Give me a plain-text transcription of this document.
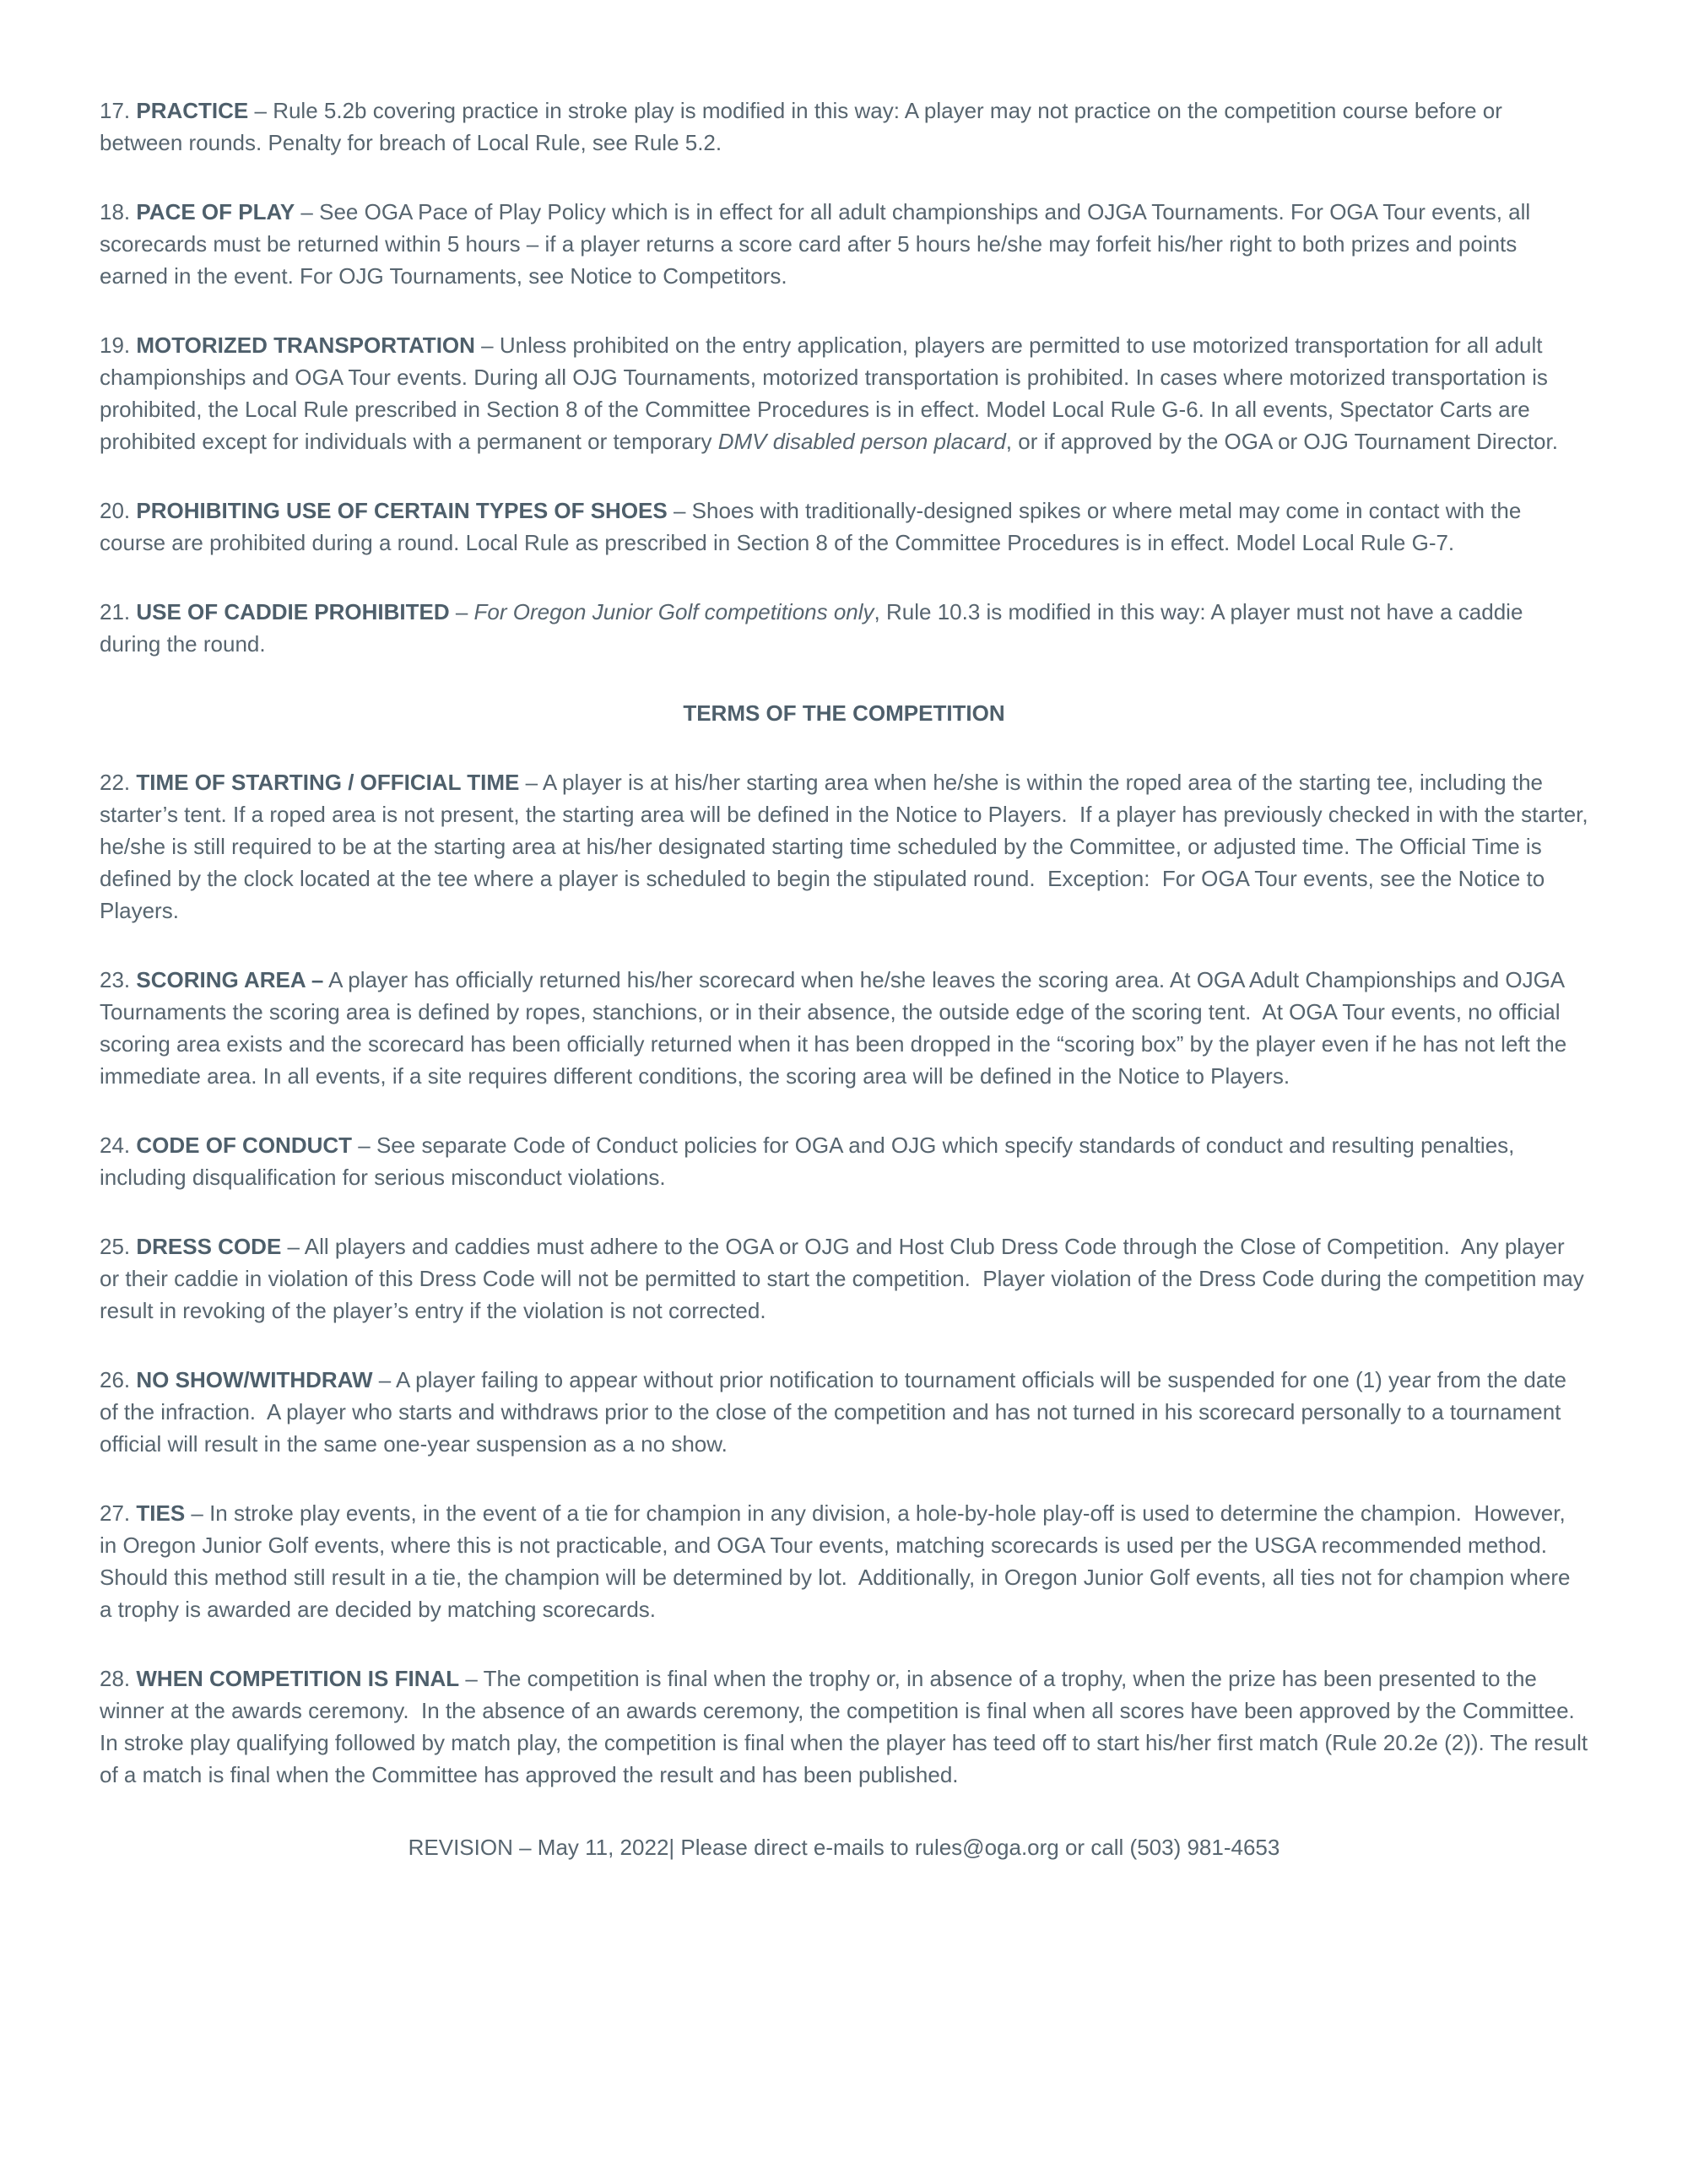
17. PRACTICE – Rule 5.2b covering practice in stroke play is modified in this way: A player may not practice on the competition course before or between rounds. Penalty for breach of Local Rule, see Rule 5.2.

18. PACE OF PLAY – See OGA Pace of Play Policy which is in effect for all adult championships and OJGA Tournaments. For OGA Tour events, all scorecards must be returned within 5 hours – if a player returns a score card after 5 hours he/she may forfeit his/her right to both prizes and points earned in the event. For OJG Tournaments, see Notice to Competitors.

19. MOTORIZED TRANSPORTATION – Unless prohibited on the entry application, players are permitted to use motorized transportation for all adult championships and OGA Tour events. During all OJG Tournaments, motorized transportation is prohibited. In cases where motorized transportation is prohibited, the Local Rule prescribed in Section 8 of the Committee Procedures is in effect. Model Local Rule G-6. In all events, Spectator Carts are prohibited except for individuals with a permanent or temporary DMV disabled person placard, or if approved by the OGA or OJG Tournament Director.

20. PROHIBITING USE OF CERTAIN TYPES OF SHOES – Shoes with traditionally-designed spikes or where metal may come in contact with the course are prohibited during a round. Local Rule as prescribed in Section 8 of the Committee Procedures is in effect. Model Local Rule G-7.

21. USE OF CADDIE PROHIBITED – For Oregon Junior Golf competitions only, Rule 10.3 is modified in this way: A player must not have a caddie during the round.

TERMS OF THE COMPETITION

22. TIME OF STARTING / OFFICIAL TIME – A player is at his/her starting area when he/she is within the roped area of the starting tee, including the starter’s tent. If a roped area is not present, the starting area will be defined in the Notice to Players.  If a player has previously checked in with the starter, he/she is still required to be at the starting area at his/her designated starting time scheduled by the Committee, or adjusted time. The Official Time is defined by the clock located at the tee where a player is scheduled to begin the stipulated round.  Exception:  For OGA Tour events, see the Notice to Players.

23. SCORING AREA – A player has officially returned his/her scorecard when he/she leaves the scoring area. At OGA Adult Championships and OJGA Tournaments the scoring area is defined by ropes, stanchions, or in their absence, the outside edge of the scoring tent.  At OGA Tour events, no official scoring area exists and the scorecard has been officially returned when it has been dropped in the “scoring box” by the player even if he has not left the immediate area. In all events, if a site requires different conditions, the scoring area will be defined in the Notice to Players.

24. CODE OF CONDUCT – See separate Code of Conduct policies for OGA and OJG which specify standards of conduct and resulting penalties, including disqualification for serious misconduct violations.

25. DRESS CODE – All players and caddies must adhere to the OGA or OJG and Host Club Dress Code through the Close of Competition.  Any player or their caddie in violation of this Dress Code will not be permitted to start the competition.  Player violation of the Dress Code during the competition may result in revoking of the player’s entry if the violation is not corrected.

26. NO SHOW/WITHDRAW – A player failing to appear without prior notification to tournament officials will be suspended for one (1) year from the date of the infraction.  A player who starts and withdraws prior to the close of the competition and has not turned in his scorecard personally to a tournament official will result in the same one-year suspension as a no show.

27. TIES – In stroke play events, in the event of a tie for champion in any division, a hole-by-hole play-off is used to determine the champion.  However, in Oregon Junior Golf events, where this is not practicable, and OGA Tour events, matching scorecards is used per the USGA recommended method.  Should this method still result in a tie, the champion will be determined by lot.  Additionally, in Oregon Junior Golf events, all ties not for champion where a trophy is awarded are decided by matching scorecards.

28. WHEN COMPETITION IS FINAL – The competition is final when the trophy or, in absence of a trophy, when the prize has been presented to the winner at the awards ceremony.  In the absence of an awards ceremony, the competition is final when all scores have been approved by the Committee.  In stroke play qualifying followed by match play, the competition is final when the player has teed off to start his/her first match (Rule 20.2e (2)). The result of a match is final when the Committee has approved the result and has been published.

REVISION – May 11, 2022| Please direct e-mails to rules@oga.org or call (503) 981-4653
